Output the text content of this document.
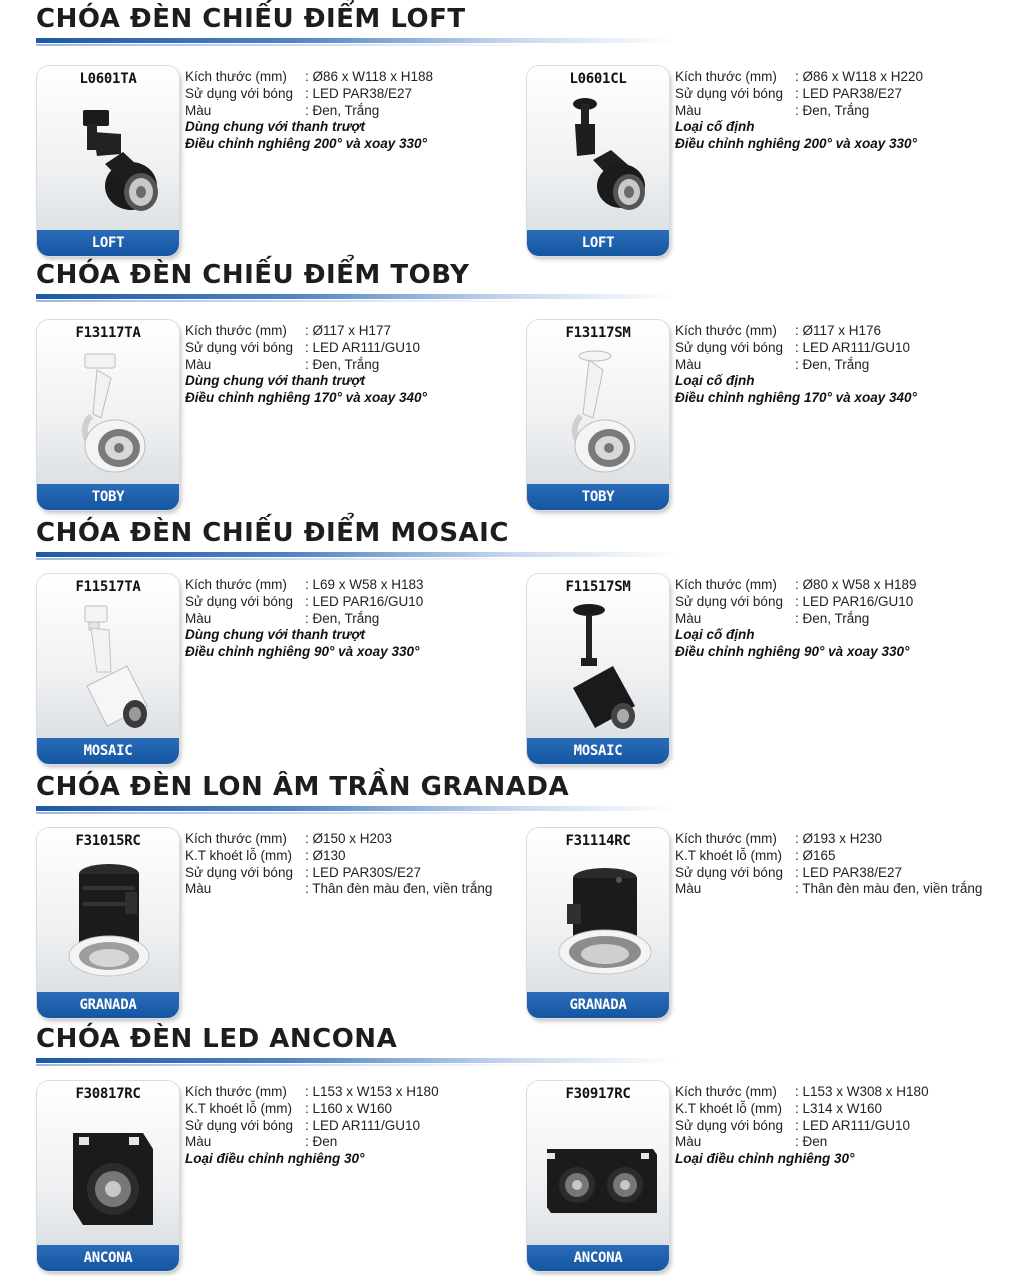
CHÓA ĐÈN CHIẾU ĐIỂM LOFT
L0601TA
LOFT
Kích thước (mm) : Ø86 x W118 x H188
Sử dụng với bóng : LED PAR38/E27
Màu	: Đen, Trắng
Dùng chung với thanh trượt
Điều chỉnh nghiêng 200° và xoay 330°
L0601CL
LOFT
Kích thước (mm) : Ø86 x W118 x H220
Sử dụng với bóng : LED PAR38/E27
Màu	: Đen, Trắng
Loại cố định
Điều chỉnh nghiêng 200° và xoay 330°
CHÓA ĐÈN CHIẾU ĐIỂM TOBY
F13117TA
TOBY
Kích thước (mm) : Ø117 x H177
Sử dụng với bóng : LED AR111/GU10
Màu	: Đen, Trắng
Dùng chung với thanh trượt
Điều chỉnh nghiêng 170° và xoay 340°
F13117SM
TOBY
Kích thước (mm) : Ø117 x H176
Sử dụng với bóng : LED AR111/GU10
Màu	: Đen, Trắng
Loại cố định
Điều chỉnh nghiêng 170° và xoay 340°
CHÓA ĐÈN CHIẾU ĐIỂM MOSAIC
F11517TA
MOSAIC
Kích thước (mm) : L69 x W58 x H183
Sử dụng với bóng : LED PAR16/GU10
Màu	: Đen, Trắng
Dùng chung với thanh trượt
Điều chỉnh nghiêng 90° và xoay 330°
F11517SM
MOSAIC
Kích thước (mm) : Ø80 x W58 x H189
Sử dụng với bóng : LED PAR16/GU10
Màu	: Đen, Trắng
Loại cố định
Điều chỉnh nghiêng 90° và xoay 330°
CHÓA ĐÈN LON ÂM TRẦN GRANADA
F31015RC
GRANADA
Kích thước (mm) : Ø150 x H203
K.T khoét lỗ (mm) : Ø130
Sử dụng với bóng : LED PAR30S/E27
Màu	: Thân đèn màu đen, viền trắng
F31114RC
GRANADA
Kích thước (mm) : Ø193 x H230
K.T khoét lỗ (mm) : Ø165
Sử dụng với bóng : LED PAR38/E27
Màu	: Thân đèn màu đen, viền trắng
CHÓA ĐÈN LED ANCONA
F30817RC
ANCONA
Kích thước (mm) : L153 x W153 x H180
K.T khoét lỗ (mm) : L160 x W160
Sử dụng với bóng : LED AR111/GU10
Màu	: Đen
Loại điều chỉnh nghiêng 30°
F30917RC
ANCONA
Kích thước (mm) : L153 x W308 x H180
K.T khoét lỗ (mm) : L314 x W160
Sử dụng với bóng : LED AR111/GU10
Màu	: Đen
Loại điều chỉnh nghiêng 30°
